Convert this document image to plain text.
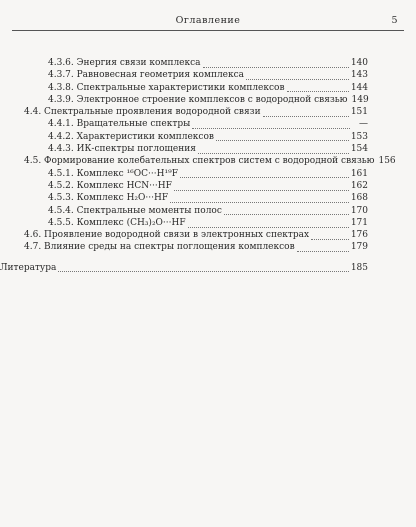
Оглавление	5
4.3.6. Энергия связи комплекса	140
4.3.7. Равновесная геометрия комплекса	143
4.3.8. Спектральные характеристики комплексов	144
4.3.9. Электронное строение комплексов с водородной связью 149
4.4. Спектральные проявления водородной связи	151
4.4.1. Вращательные спектры	—
4.4.2. Характеристики комплексов	153
4.4.3. ИК-спектры поглощения	154
4.5. Формирование колебательных спектров систем с водородной связью 156
4.5.1. Комплекс ¹⁶OC···H¹⁹F	161
4.5.2. Комплекс HCN···HF	162
4.5.3. Комплекс H₂O···HF	168
4.5.4. Спектральные моменты полос	170
4.5.5. Комплекс (CH₃)₂O···HF	171
4.6. Проявление водородной связи в электронных спектрах	176
4.7. Влияние среды на спектры поглощения комплексов	179
Литература	185
